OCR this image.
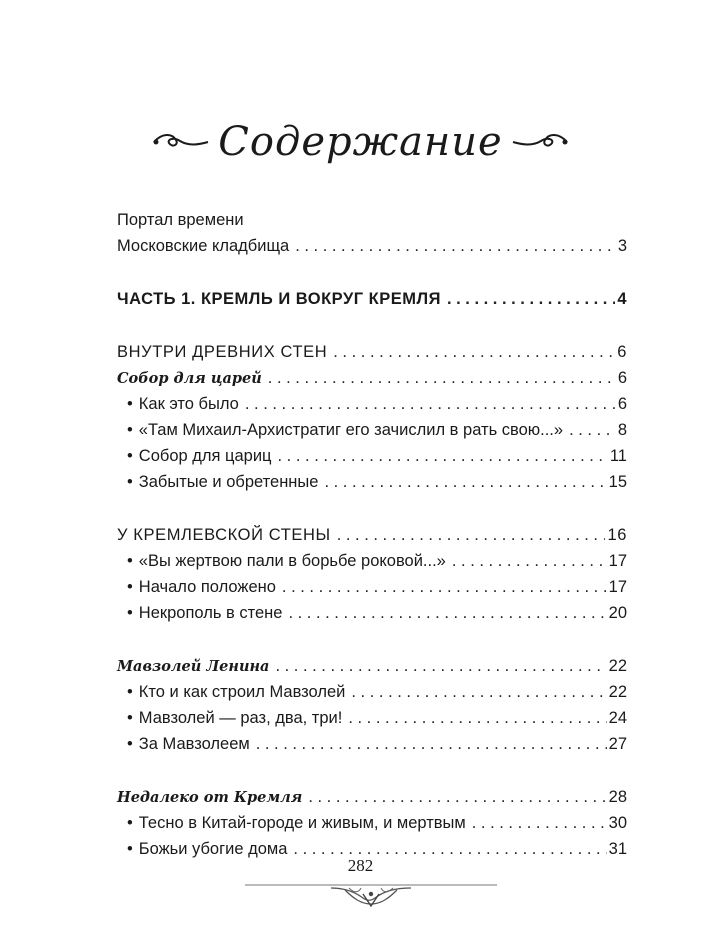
Содержание
Портал времени
Московские кладбища . . .	3
ЧАСТЬ 1. КРЕМЛЬ И ВОКРУГ КРЕМЛЯ . . .	4
ВНУТРИ ДРЕВНИХ СТЕН . . .	6
Собор для царей . . .	6
• Как это было . . .	6
• «Там Михаил-Архистратиг его зачислил в рать свою...» . . .	8
• Собор для цариц . . .	11
• Забытые и обретенные . . .	15
У КРЕМЛЕВСКОЙ СТЕНЫ . . .	16
• «Вы жертвою пали в борьбе роковой...» . . .	17
• Начало положено . . .	17
• Некрополь в стене . . .	20
Мавзолей Ленина . . .	22
• Кто и как строил Мавзолей . . .	22
• Мавзолей — раз, два, три! . . .	24
• За Мавзолеем . . .	27
Недалеко от Кремля . . .	28
• Тесно в Китай-городе и живым, и мертвым . . .	30
• Божьи убогие дома . . .	31
282
